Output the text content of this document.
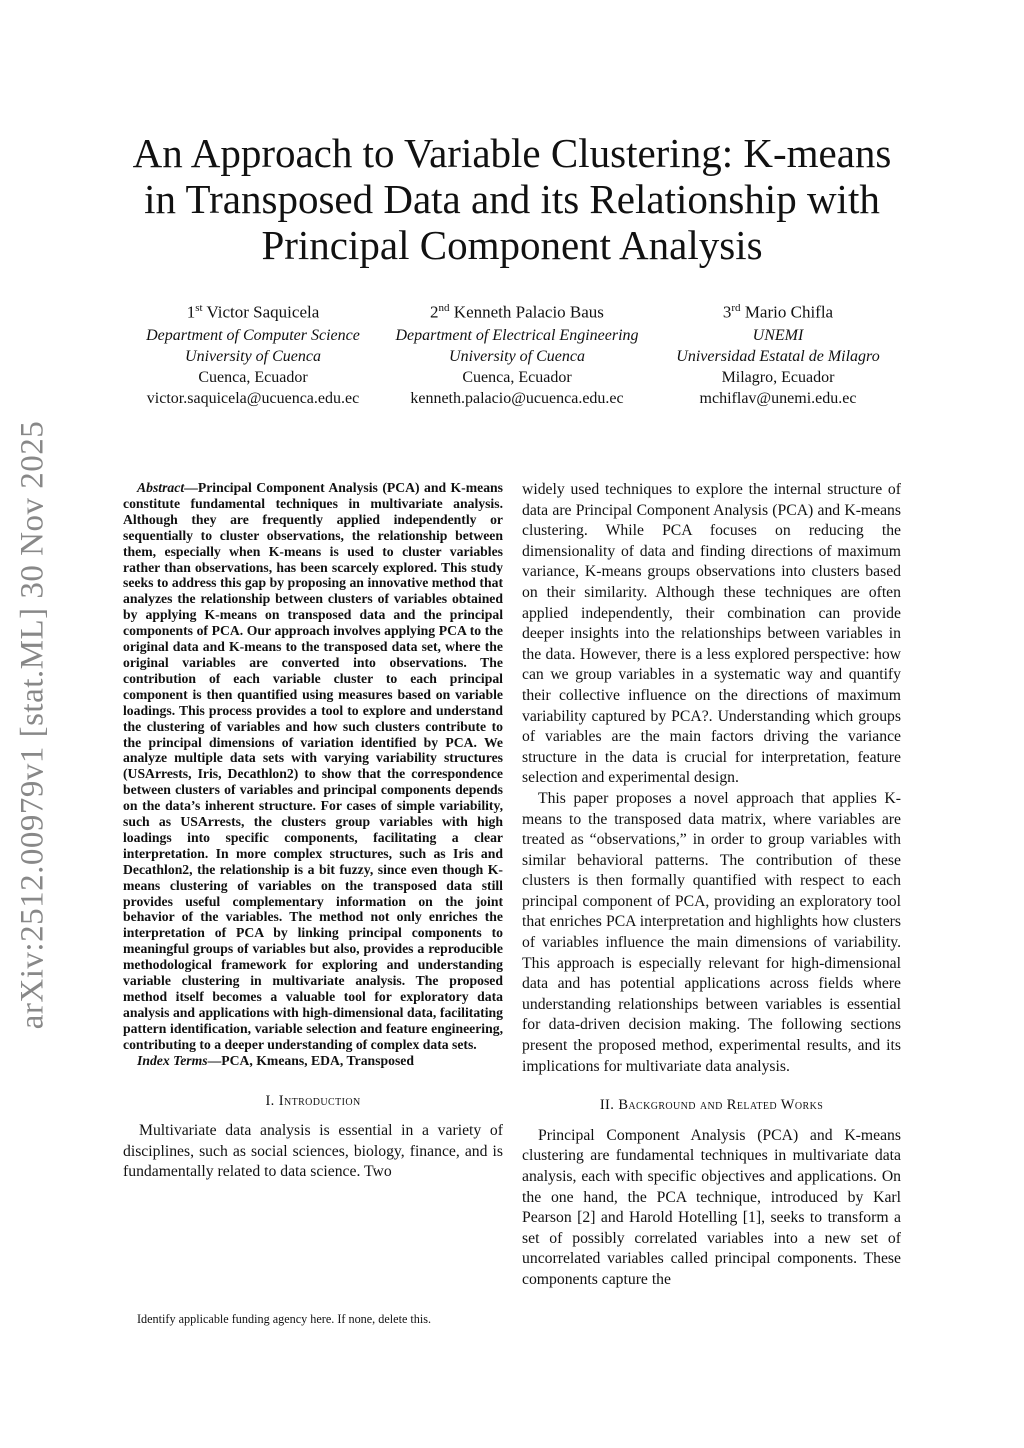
arXiv:2512.00979v1 [stat.ML] 30 Nov 2025
An Approach to Variable Clustering: K-means
in Transposed Data and its Relationship with
Principal Component Analysis
1st Victor Saquicela
Department of Computer Science
University of Cuenca
Cuenca, Ecuador
victor.saquicela@ucuenca.edu.ec
2nd Kenneth Palacio Baus
Department of Electrical Engineering
University of Cuenca
Cuenca, Ecuador
kenneth.palacio@ucuenca.edu.ec
3rd Mario Chifla
UNEMI
Universidad Estatal de Milagro
Milagro, Ecuador
mchiflav@unemi.edu.ec

Abstract—Principal Component Analysis (PCA) and K-means constitute fundamental techniques in multivariate analysis. Although they are frequently applied independently or sequentially to cluster observations, the relationship between them, especially when K-means is used to cluster variables rather than observations, has been scarcely explored. This study seeks to address this gap by proposing an innovative method that analyzes the relationship between clusters of variables obtained by applying K-means on transposed data and the principal components of PCA. Our approach involves applying PCA to the original data and K-means to the transposed data set, where the original variables are converted into observations. The contribution of each variable cluster to each principal component is then quantified using measures based on variable loadings. This process provides a tool to explore and understand the clustering of variables and how such clusters contribute to the principal dimensions of variation identified by PCA. We analyze multiple data sets with varying variability structures (USArrests, Iris, Decathlon2) to show that the correspondence between clusters of variables and principal components depends on the data’s inherent structure. For cases of simple variability, such as USArrests, the clusters group variables with high loadings into specific components, facilitating a clear interpretation. In more complex structures, such as Iris and Decathlon2, the relationship is a bit fuzzy, since even though K-means clustering of variables on the transposed data still provides useful complementary information on the joint behavior of the variables. The method not only enriches the interpretation of PCA by linking principal components to meaningful groups of variables but also, provides a reproducible methodological framework for exploring and understanding variable clustering in multivariate analysis. The proposed method itself becomes a valuable tool for exploratory data analysis and applications with high-dimensional data, facilitating pattern identification, variable selection and feature engineering, contributing to a deeper understanding of complex data sets.

Index Terms—PCA, Kmeans, EDA, Transposed

I. Introduction

Multivariate data analysis is essential in a variety of disciplines, such as social sciences, biology, finance, and is fundamentally related to data science. Two

widely used techniques to explore the internal structure of data are Principal Component Analysis (PCA) and K-means clustering. While PCA focuses on reducing the dimensionality of data and finding directions of maximum variance, K-means groups observations into clusters based on their similarity. Although these techniques are often applied independently, their combination can provide deeper insights into the relationships between variables in the data. However, there is a less explored perspective: how can we group variables in a systematic way and quantify their collective influence on the directions of maximum variability captured by PCA?. Understanding which groups of variables are the main factors driving the variance structure in the data is crucial for interpretation, feature selection and experimental design.

This paper proposes a novel approach that applies K-means to the transposed data matrix, where variables are treated as “observations,” in order to group variables with similar behavioral patterns. The contribution of these clusters is then formally quantified with respect to each principal component of PCA, providing an exploratory tool that enriches PCA interpretation and highlights how clusters of variables influence the main dimensions of variability. This approach is especially relevant for high-dimensional data and has potential applications across fields where understanding relationships between variables is essential for data-driven decision making. The following sections present the proposed method, experimental results, and its implications for multivariate data analysis.

II. Background and Related Works

Principal Component Analysis (PCA) and K-means clustering are fundamental techniques in multivariate data analysis, each with specific objectives and applications. On the one hand, the PCA technique, introduced by Karl Pearson [2] and Harold Hotelling [1], seeks to transform a set of possibly correlated variables into a new set of uncorrelated variables called principal components. These components capture the

Identify applicable funding agency here. If none, delete this.
